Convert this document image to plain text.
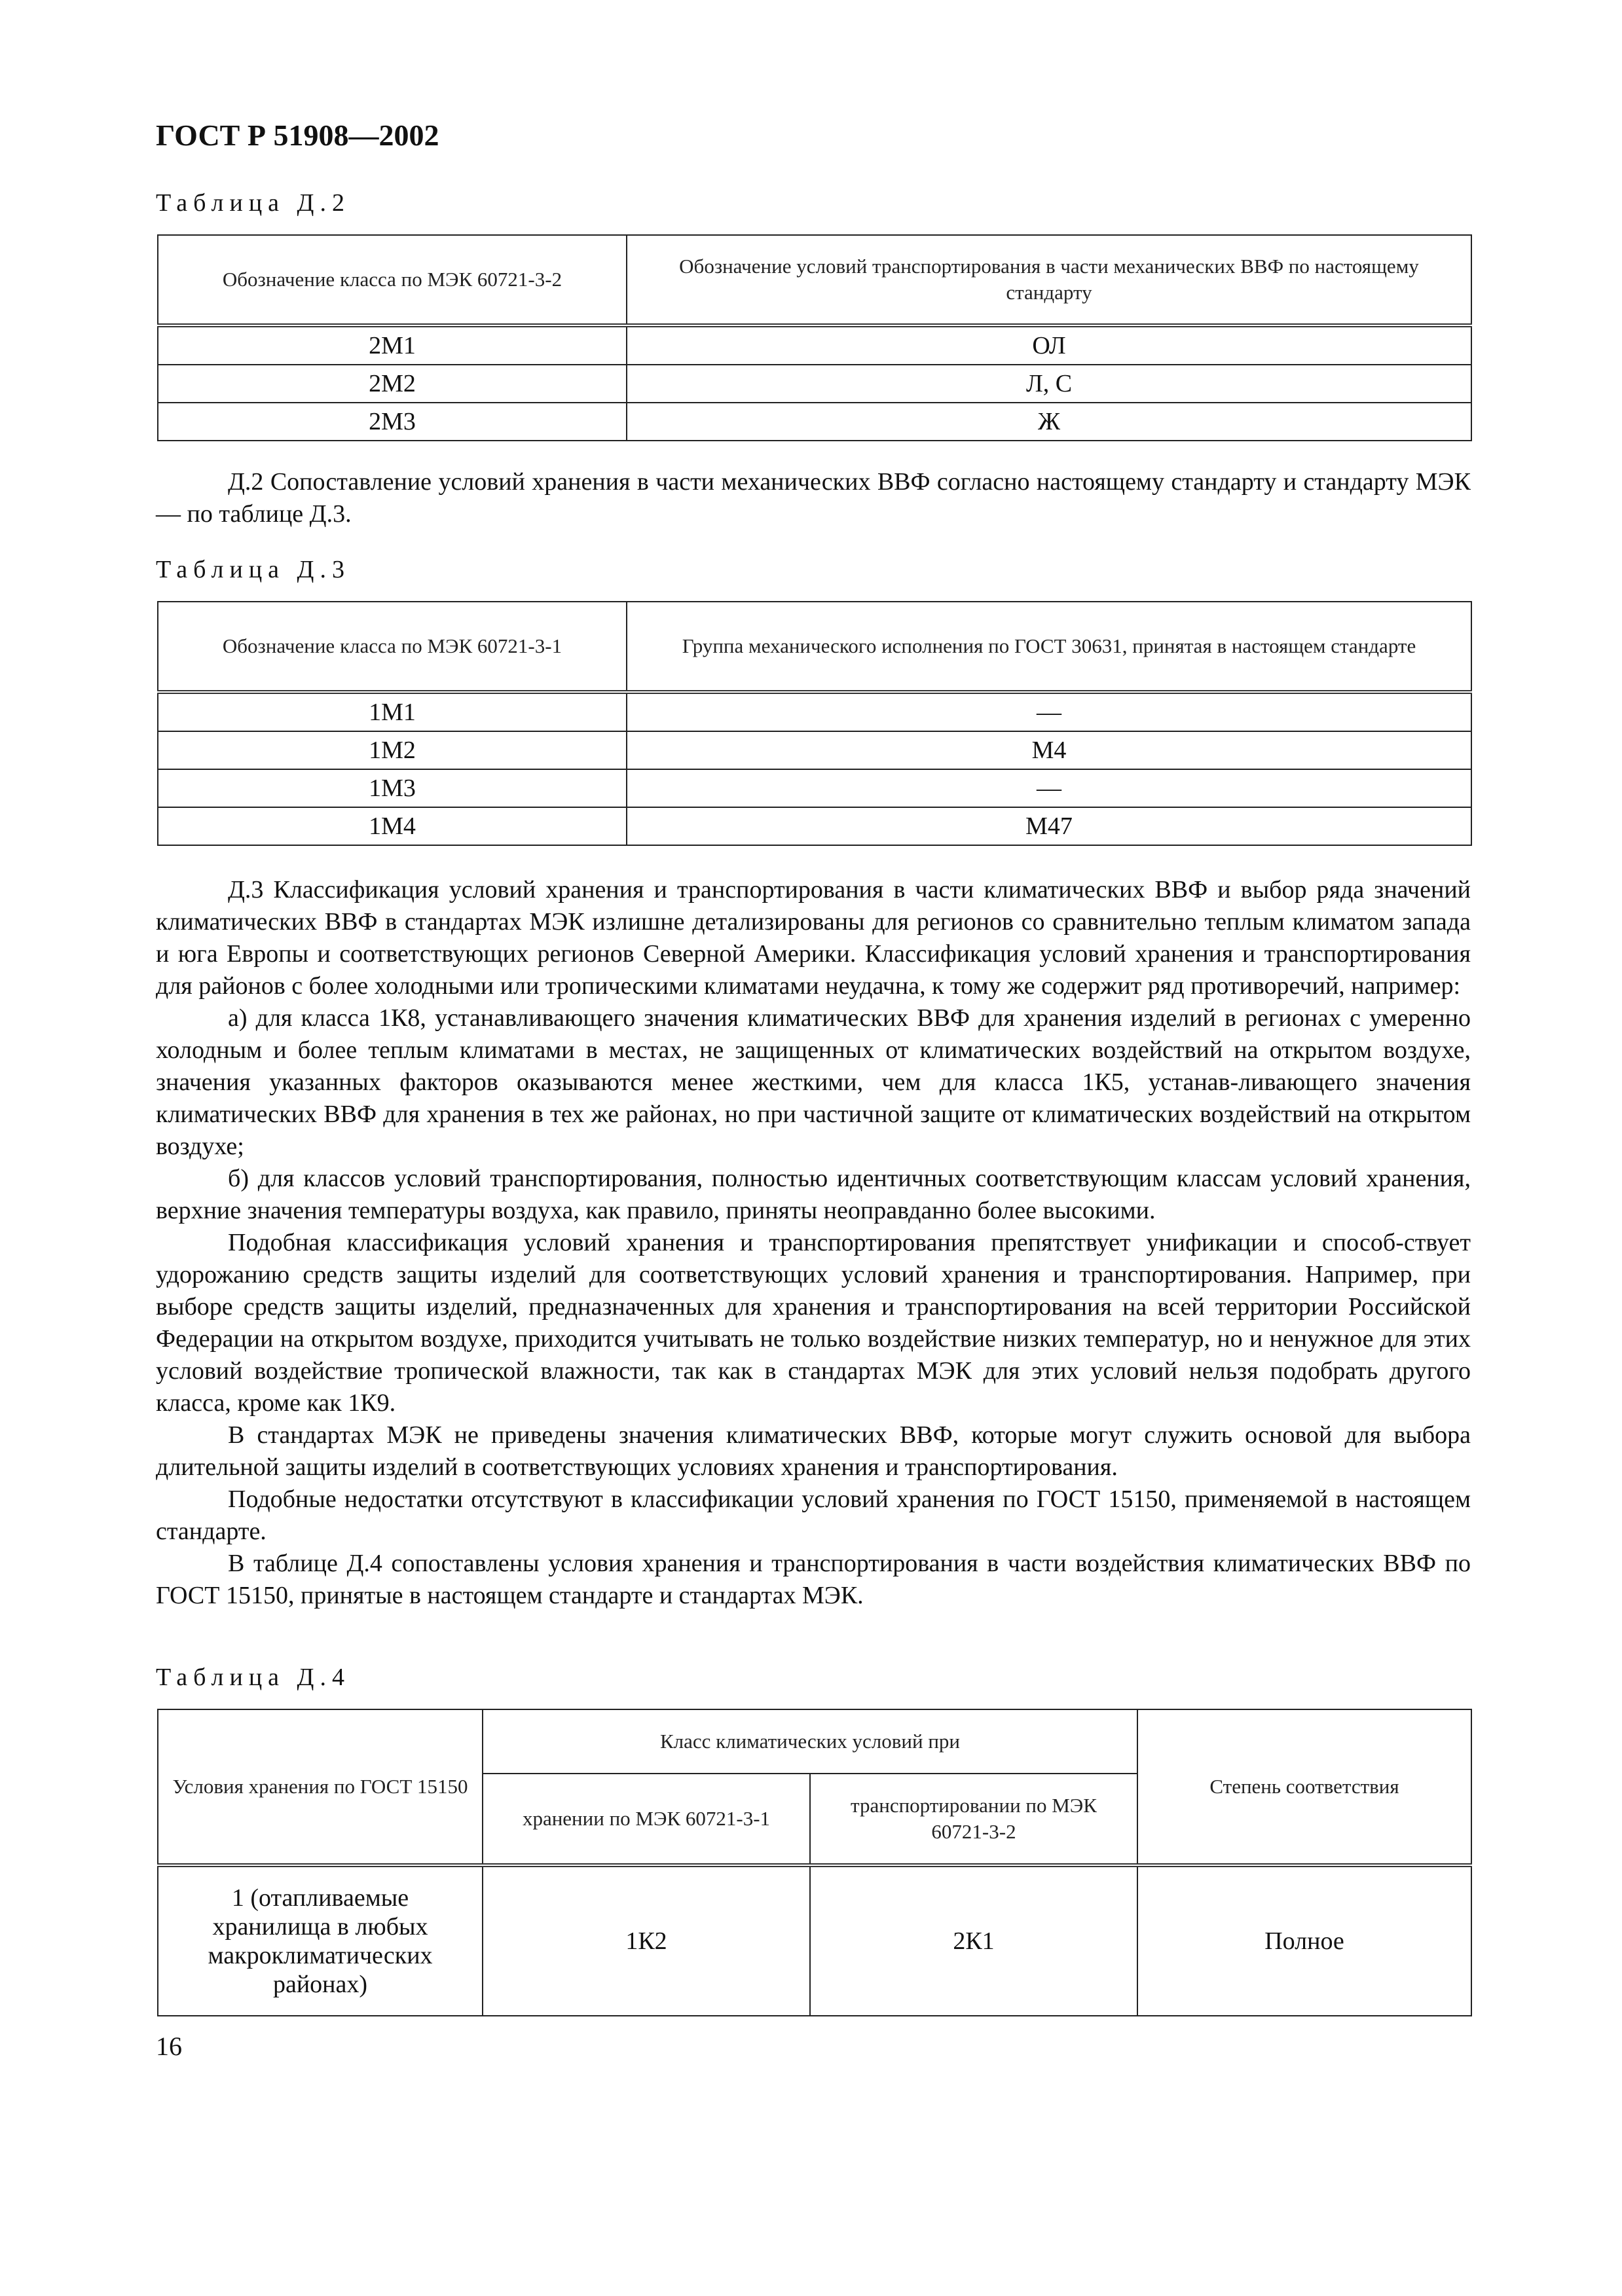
ГОСТ Р 51908—2002
Таблица Д.2
Обозначение класса по МЭК 60721-3-2	Обозначение условий транспортирования в части механических ВВФ по настоящему стандарту
2М1	ОЛ
2М2	Л, С
2М3	Ж

Д.2 Сопоставление условий хранения в части механических ВВФ согласно настоящему стандарту и стандарту МЭК — по таблице Д.3.

Таблица Д.3
Обозначение класса по МЭК 60721-3-1	Группа механического исполнения по ГОСТ 30631, принятая в настоящем стандарте
1М1	—
1М2	М4
1М3	—
1М4	М47

Д.3 Классификация условий хранения и транспортирования в части климатических ВВФ и выбор ряда значений климатических ВВФ в стандартах МЭК излишне детализированы для регионов со сравнительно теплым климатом запада и юга Европы и соответствующих регионов Северной Америки. Классификация условий хранения и транспортирования для районов с более холодными или тропическими климатами неудачна, к тому же содержит ряд противоречий, например:

а) для класса 1К8, устанавливающего значения климатических ВВФ для хранения изделий в регионах с умеренно холодным и более теплым климатами в местах, не защищенных от климатических воздействий на открытом воздухе, значения указанных факторов оказываются менее жесткими, чем для класса 1К5, устанав-ливающего значения климатических ВВФ для хранения в тех же районах, но при частичной защите от климатических воздействий на открытом воздухе;

б) для классов условий транспортирования, полностью идентичных соответствующим классам условий хранения, верхние значения температуры воздуха, как правило, приняты неоправданно более высокими.

Подобная классификация условий хранения и транспортирования препятствует унификации и способ-ствует удорожанию средств защиты изделий для соответствующих условий хранения и транспортирования. Например, при выборе средств защиты изделий, предназначенных для хранения и транспортирования на всей территории Российской Федерации на открытом воздухе, приходится учитывать не только воздействие низких температур, но и ненужное для этих условий воздействие тропической влажности, так как в стандартах МЭК для этих условий нельзя подобрать другого класса, кроме как 1К9.

В стандартах МЭК не приведены значения климатических ВВФ, которые могут служить основой для выбора длительной защиты изделий в соответствующих условиях хранения и транспортирования.

Подобные недостатки отсутствуют в классификации условий хранения по ГОСТ 15150, применяемой в настоящем стандарте.

В таблице Д.4 сопоставлены условия хранения и транспортирования в части воздействия климатических ВВФ по ГОСТ 15150, принятые в настоящем стандарте и стандартах МЭК.

Таблица Д.4
Условия хранения по ГОСТ 15150	Класс климатических условий при		Степень соответствия
	хранении по МЭК 60721-3-1	транспортировании по МЭК 60721-3-2	
1 (отапливаемые хранилища в любых макроклиматических районах)	1К2	2К1	Полное
16
